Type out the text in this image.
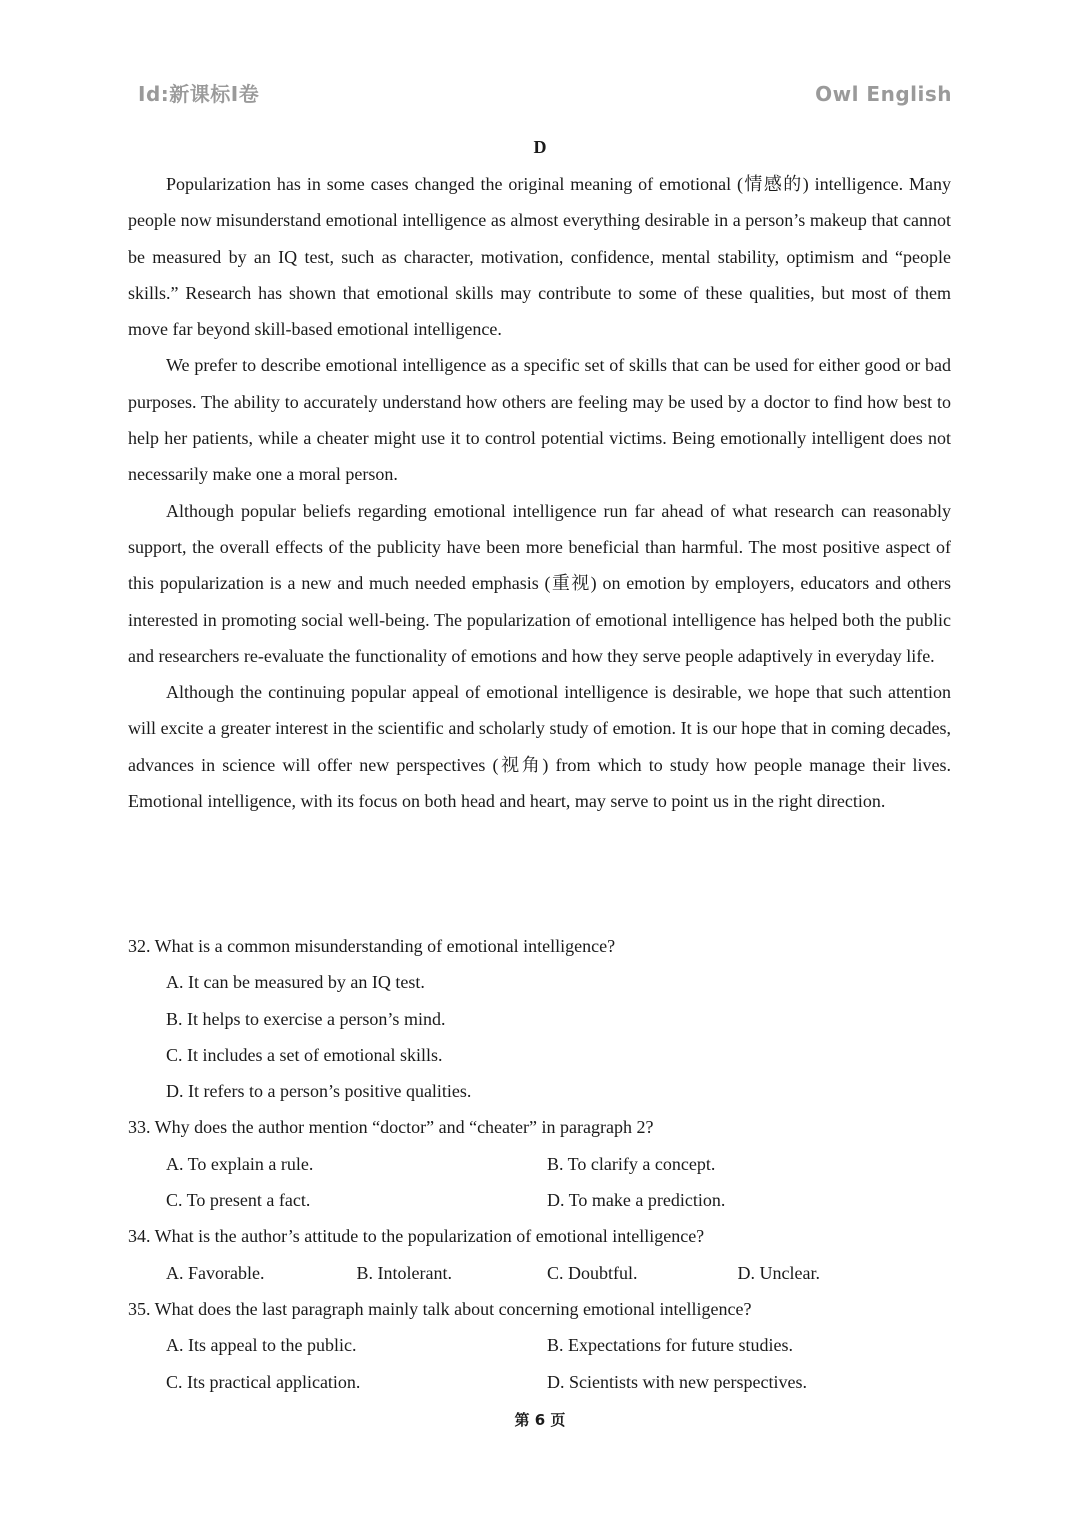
Id:新课标I卷	Owl English
D

Popularization has in some cases changed the original meaning of emotional (情感的) intelligence. Many people now misunderstand emotional intelligence as almost everything desirable in a person’s makeup that cannot be measured by an IQ test, such as character, motivation, confidence, mental stability, optimism and “people skills.” Research has shown that emotional skills may contribute to some of these qualities, but most of them move far beyond skill-based emotional intelligence.

We prefer to describe emotional intelligence as a specific set of skills that can be used for either good or bad purposes. The ability to accurately understand how others are feeling may be used by a doctor to find how best to help her patients, while a cheater might use it to control potential victims. Being emotionally intelligent does not necessarily make one a moral person.

Although popular beliefs regarding emotional intelligence run far ahead of what research can reasonably support, the overall effects of the publicity have been more beneficial than harmful. The most positive aspect of this popularization is a new and much needed emphasis (重视) on emotion by employers, educators and others interested in promoting social well-being. The popularization of emotional intelligence has helped both the public and researchers re-evaluate the functionality of emotions and how they serve people adaptively in everyday life.

Although the continuing popular appeal of emotional intelligence is desirable, we hope that such attention will excite a greater interest in the scientific and scholarly study of emotion. It is our hope that in coming decades, advances in science will offer new perspectives (视角) from which to study how people manage their lives. Emotional intelligence, with its focus on both head and heart, may serve to point us in the right direction.

32. What is a common misunderstanding of emotional intelligence?
A. It can be measured by an IQ test.
B. It helps to exercise a person’s mind.
C. It includes a set of emotional skills.
D. It refers to a person’s positive qualities.
33. Why does the author mention “doctor” and “cheater” in paragraph 2?
A. To explain a rule.	B. To clarify a concept.
C. To present a fact.	D. To make a prediction.
34. What is the author’s attitude to the popularization of emotional intelligence?
A. Favorable.	B. Intolerant.	C. Doubtful.	D. Unclear.
35. What does the last paragraph mainly talk about concerning emotional intelligence?
A. Its appeal to the public.	B. Expectations for future studies.
C. Its practical application.	D. Scientists with new perspectives.
第 6 页
